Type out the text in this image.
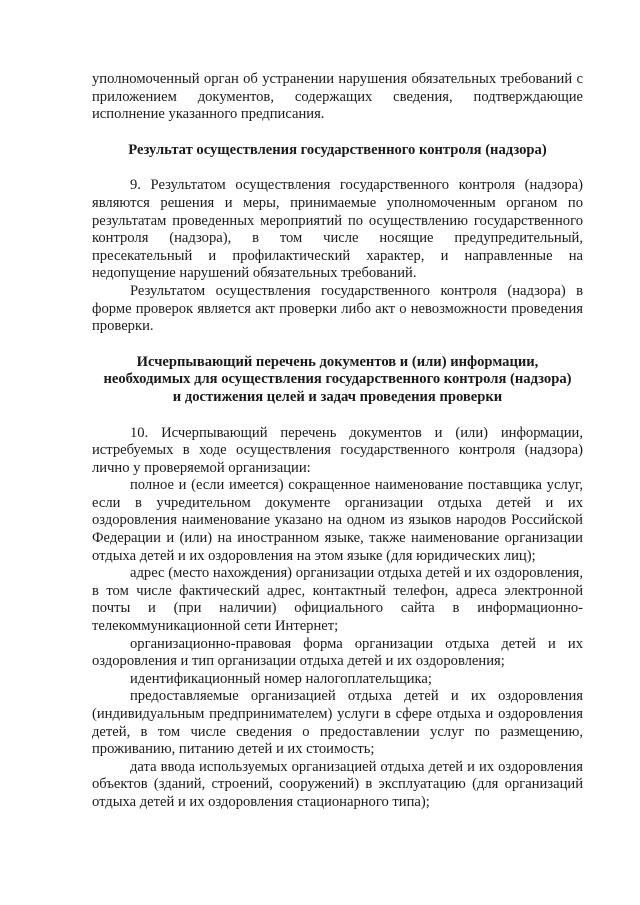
уполномоченный орган об устранении нарушения обязательных требований с приложением документов, содержащих сведения, подтверждающие исполнение указанного предписания.

Результат осуществления государственного контроля (надзора)

9. Результатом осуществления государственного контроля (надзора) являются решения и меры, принимаемые уполномоченным органом по результатам проведенных мероприятий по осуществлению государственного контроля (надзора), в том числе носящие предупредительный, пресекательный и профилактический характер, и направленные на недопущение нарушений обязательных требований.

Результатом осуществления государственного контроля (надзора) в форме проверок является акт проверки либо акт о невозможности проведения проверки.

Исчерпывающий перечень документов и (или) информации,
необходимых для осуществления государственного контроля (надзора)
и достижения целей и задач проведения проверки

10. Исчерпывающий перечень документов и (или) информации, истребуемых в ходе осуществления государственного контроля (надзора) лично у проверяемой организации:

полное и (если имеется) сокращенное наименование поставщика услуг, если в учредительном документе организации отдыха детей и их оздоровления наименование указано на одном из языков народов Российской Федерации и (или) на иностранном языке, также наименование организации отдыха детей и их оздоровления на этом языке (для юридических лиц);

адрес (место нахождения) организации отдыха детей и их оздоровления, в том числе фактический адрес, контактный телефон, адреса электронной почты и (при наличии) официального сайта в информационно-телекоммуникационной сети Интернет;

организационно-правовая форма организации отдыха детей и их оздоровления и тип организации отдыха детей и их оздоровления;

идентификационный номер налогоплательщика;

предоставляемые организацией отдыха детей и их оздоровления (индивидуальным предпринимателем) услуги в сфере отдыха и оздоровления детей, в том числе сведения о предоставлении услуг по размещению, проживанию, питанию детей и их стоимость;

дата ввода используемых организацией отдыха детей и их оздоровления объектов (зданий, строений, сооружений) в эксплуатацию (для организаций отдыха детей и их оздоровления стационарного типа);
